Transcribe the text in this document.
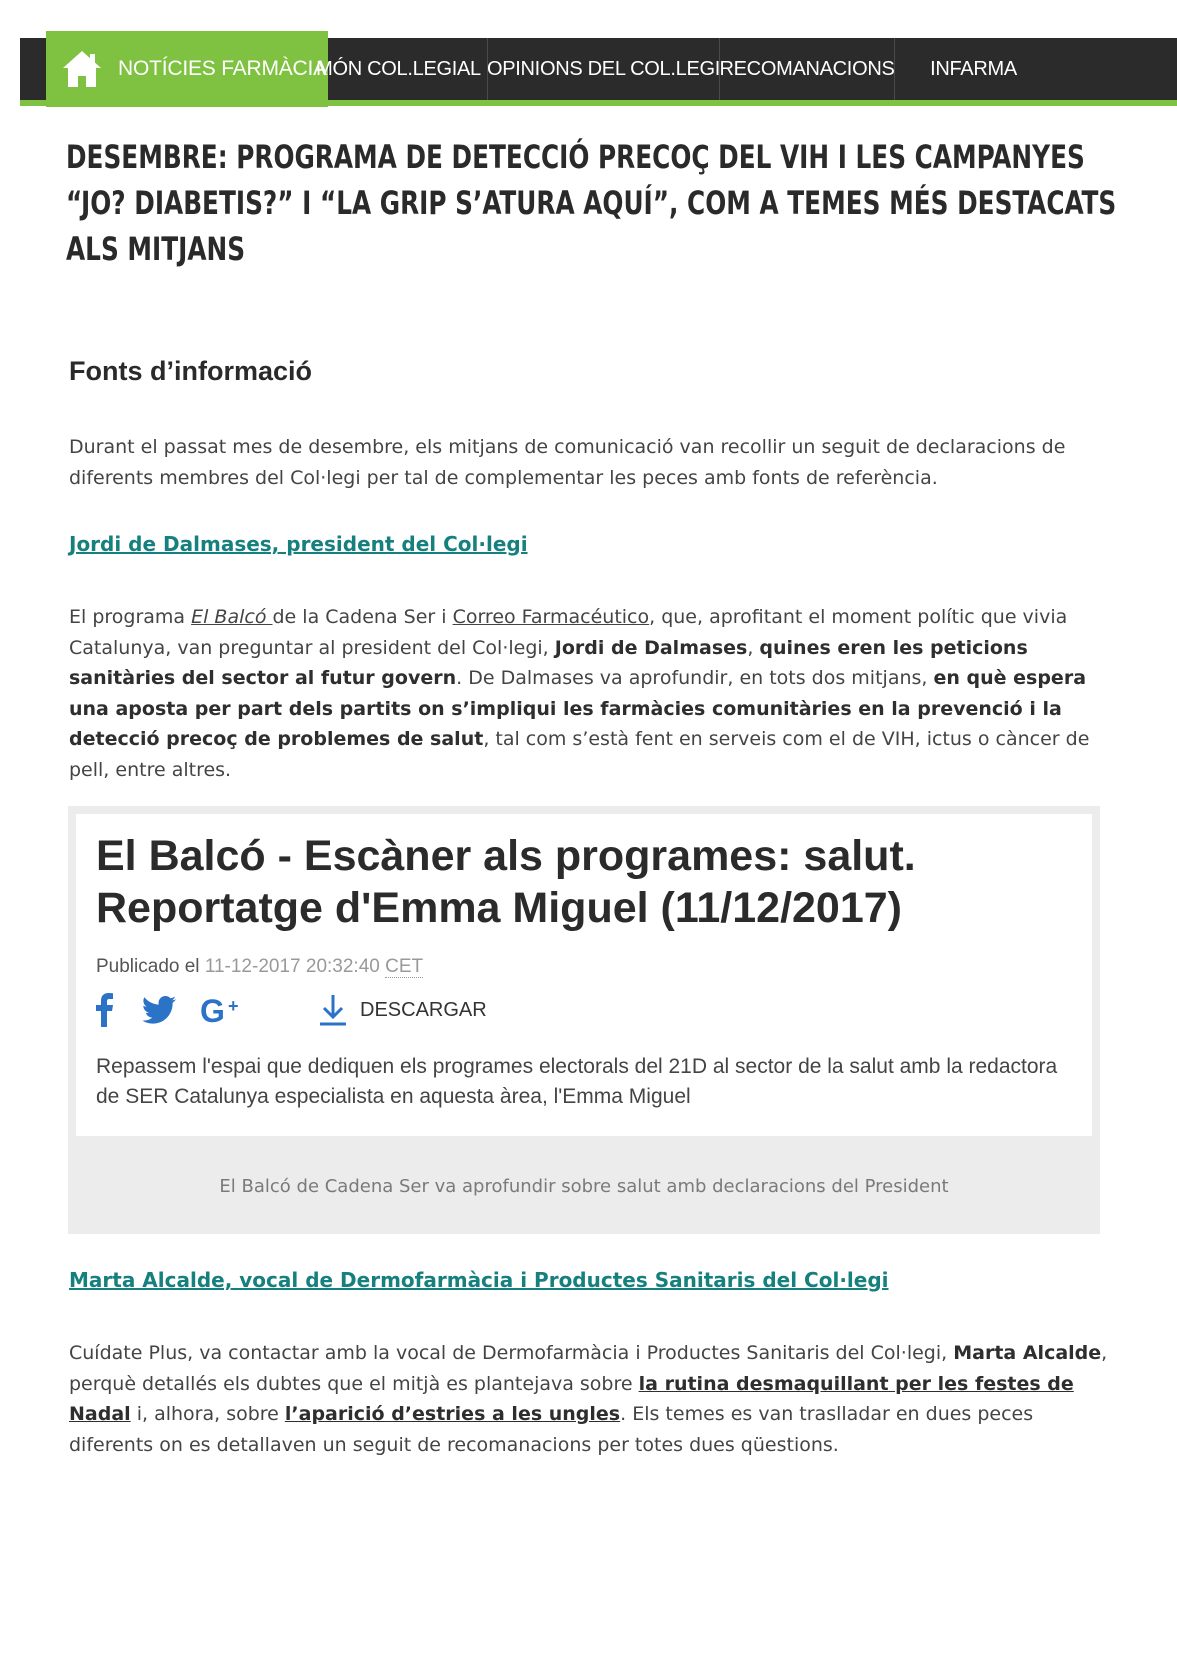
NOTÍCIES FARMÀCIA
MÓN COL.LEGIAL OPINIONS DEL COL.LEGI RECOMANACIONS	INFARMA
DESEMBRE: PROGRAMA DE DETECCIÓ PRECOÇ DEL VIH I LES CAMPANYES “JO? DIABETIS?” I “LA GRIP S’ATURA AQUÍ”, COM A TEMES MÉS DESTACATS ALS MITJANS
Fonts d’informació

Durant el passat mes de desembre, els mitjans de comunicació van recollir un seguit de declaracions de diferents membres del Col·legi per tal de complementar les peces amb fonts de referència.

Jordi de Dalmases, president del Col·legi

El programa El Balcó de la Cadena Ser i Correo Farmacéutico, que, aprofitant el moment polític que vivia Catalunya, van preguntar al president del Col·legi, Jordi de Dalmases, quines eren les peticions sanitàries del sector al futur govern. De Dalmases va aprofundir, en tots dos mitjans, en què espera una aposta per part dels partits on s’impliqui les farmàcies comunitàries en la prevenció i la detecció precoç de problemes de salut, tal com s’està fent en serveis com el de VIH, ictus o càncer de pell, entre altres.

El Balcó - Escàner als programes: salut. Reportatge d'Emma Miguel (11/12/2017)
Publicado el 11-12-2017 20:32:40 CET
G +	DESCARGAR

Repassem l'espai que dediquen els programes electorals del 21D al sector de la salut amb la redactora de SER Catalunya especialista en aquesta àrea, l'Emma Miguel

El Balcó de Cadena Ser va aprofundir sobre salut amb declaracions del President
Marta Alcalde, vocal de Dermofarmàcia i Productes Sanitaris del Col·legi

Cuídate Plus, va contactar amb la vocal de Dermofarmàcia i Productes Sanitaris del Col·legi, Marta Alcalde, perquè detallés els dubtes que el mitjà es plantejava sobre la rutina desmaquillant per les festes de Nadal i, alhora, sobre l’aparició d’estries a les ungles. Els temes es van traslladar en dues peces diferents on es detallaven un seguit de recomanacions per totes dues qüestions.
